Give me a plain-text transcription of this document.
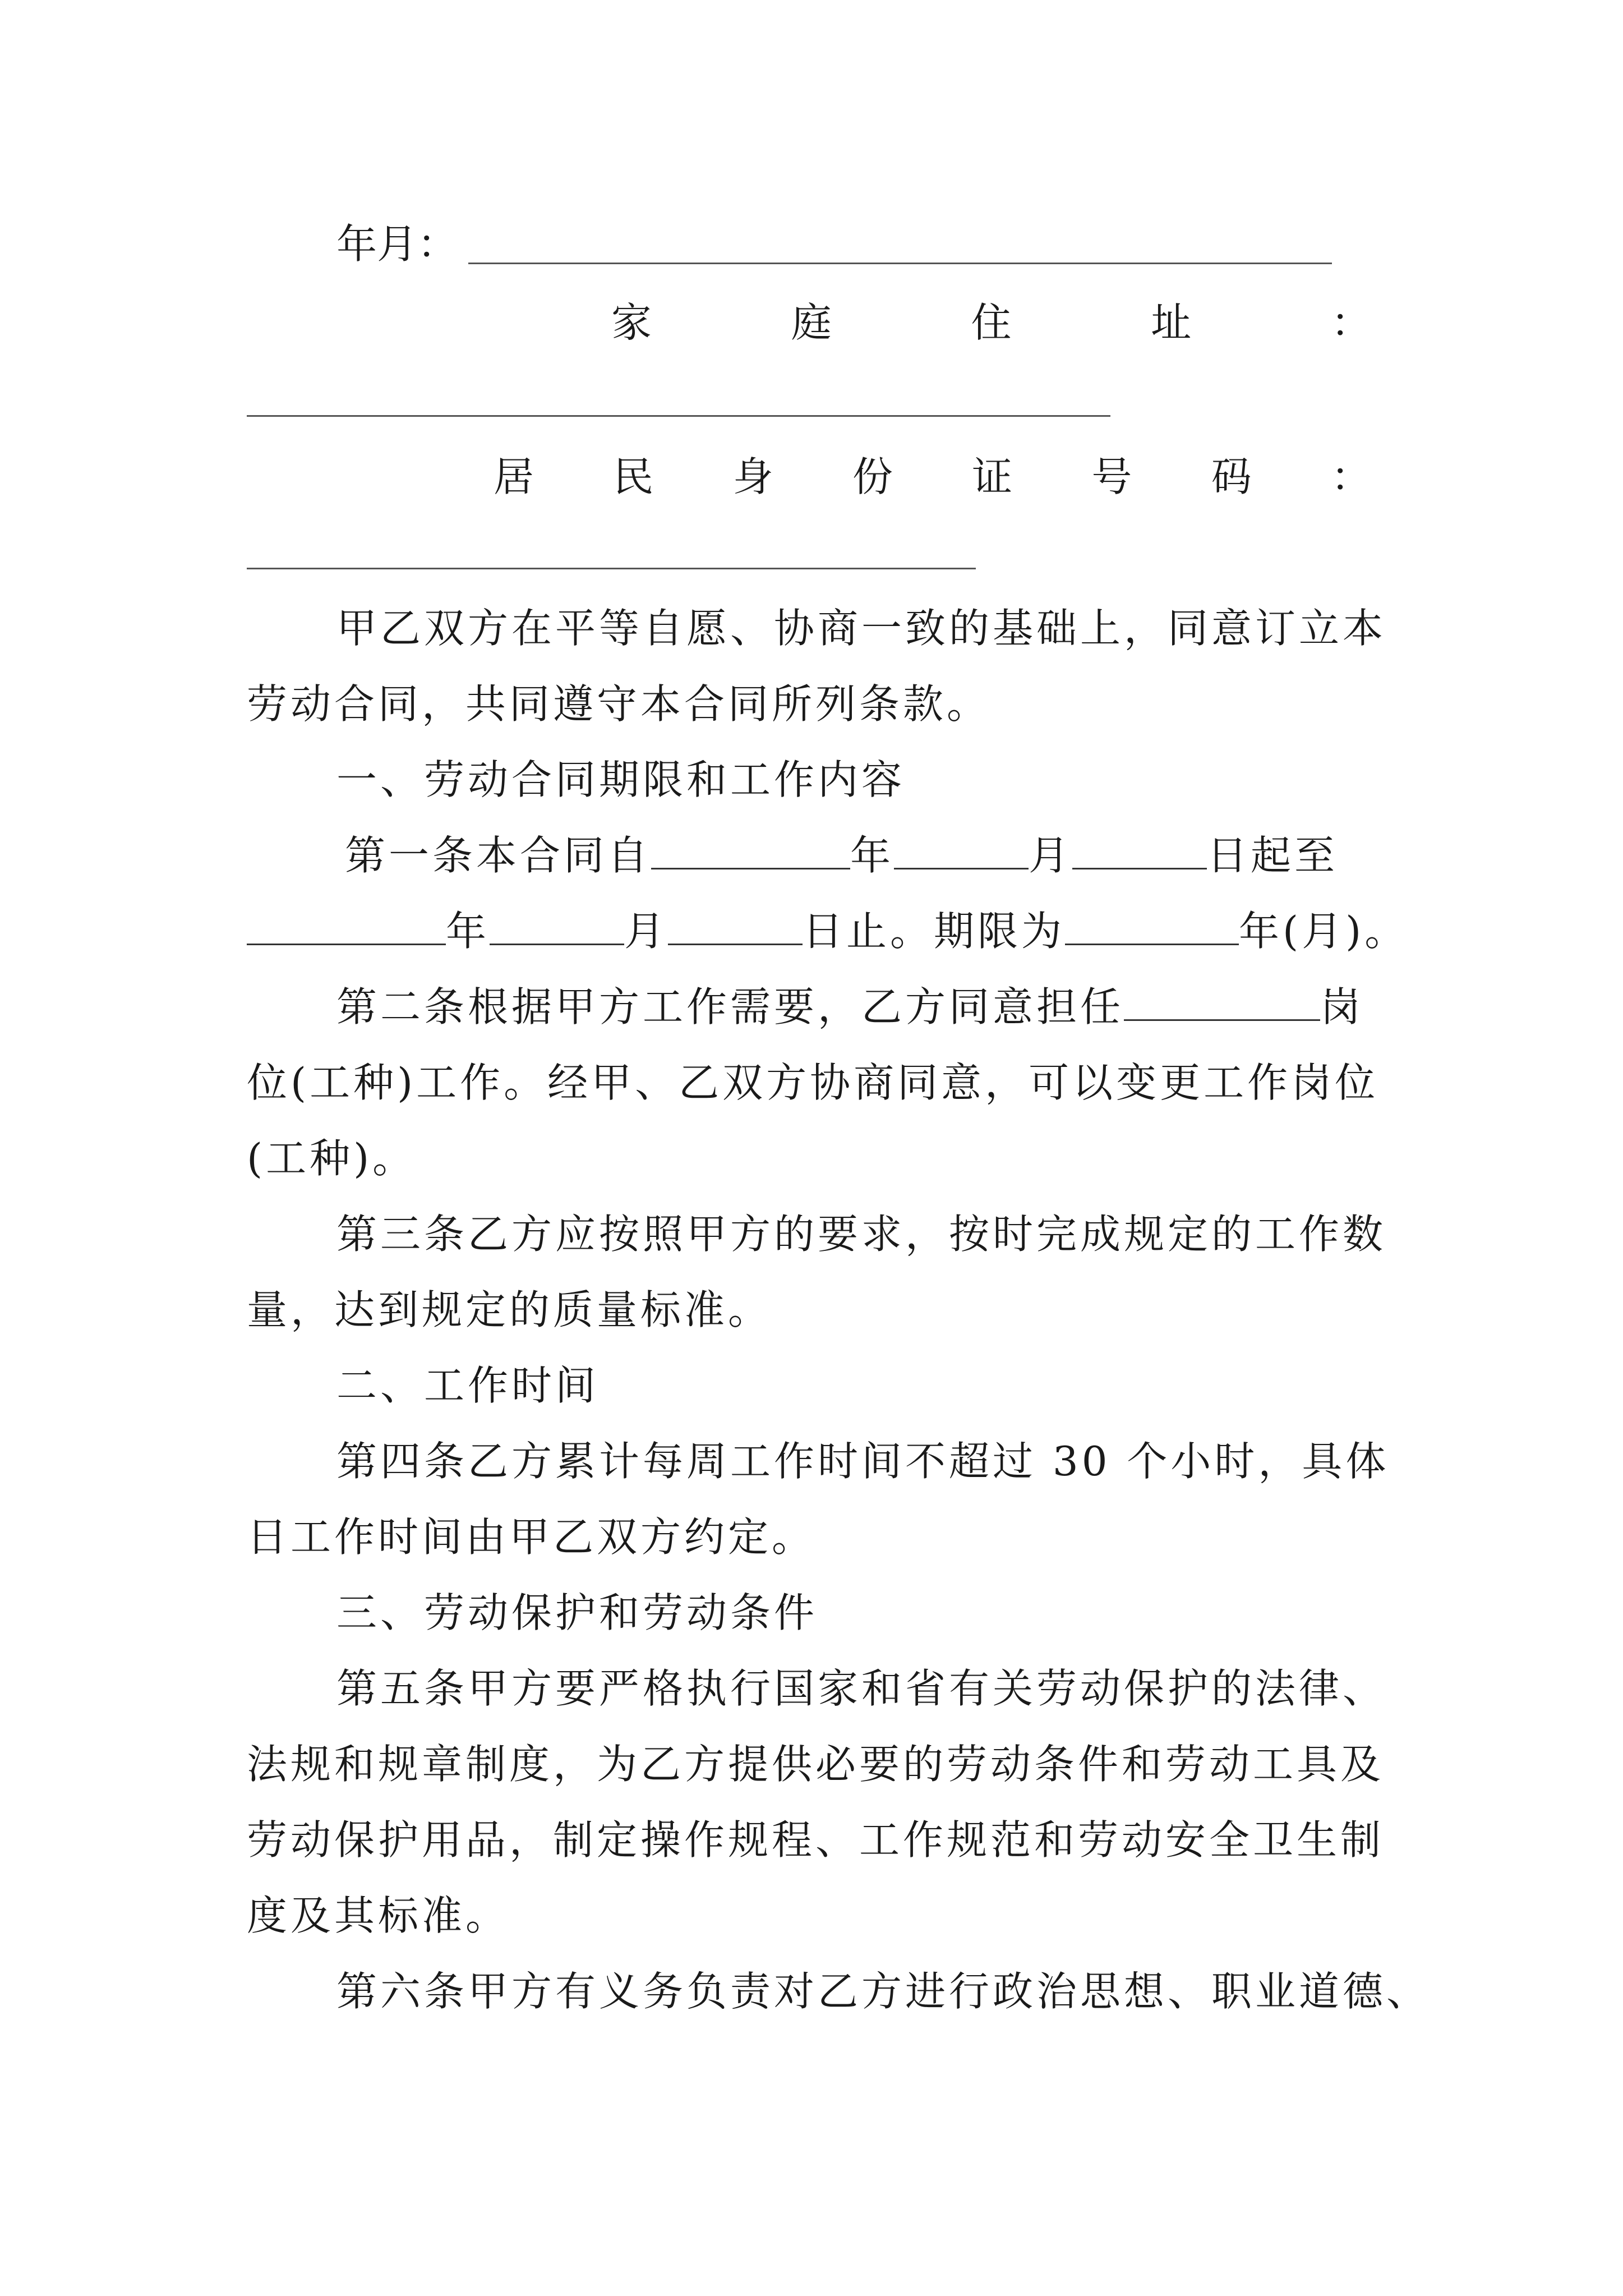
年月：
家	庭	住	址	：
居 民 身 份 证 号 码 ：
甲乙双方在平等自愿、协商一致的基础上，同意订立本
劳动合同，共同遵守本合同所列条款。
一、劳动合同期限和工作内容
第一条本合同自	年	月	日起至
年	月	日止。期限为	年(月)。
第二条根据甲方工作需要，乙方同意担任	岗
位(工种)工作。经甲、乙双方协商同意，可以变更工作岗位
(工种)。
第三条乙方应按照甲方的要求，按时完成规定的工作数
量，达到规定的质量标准。
二、工作时间
第四条乙方累计每周工作时间不超过 30 个小时，具体
日工作时间由甲乙双方约定。
三、劳动保护和劳动条件
第五条甲方要严格执行国家和省有关劳动保护的法律、
法规和规章制度，为乙方提供必要的劳动条件和劳动工具及
劳动保护用品，制定操作规程、工作规范和劳动安全卫生制
度及其标准。
第六条甲方有义务负责对乙方进行政治思想、职业道德、
